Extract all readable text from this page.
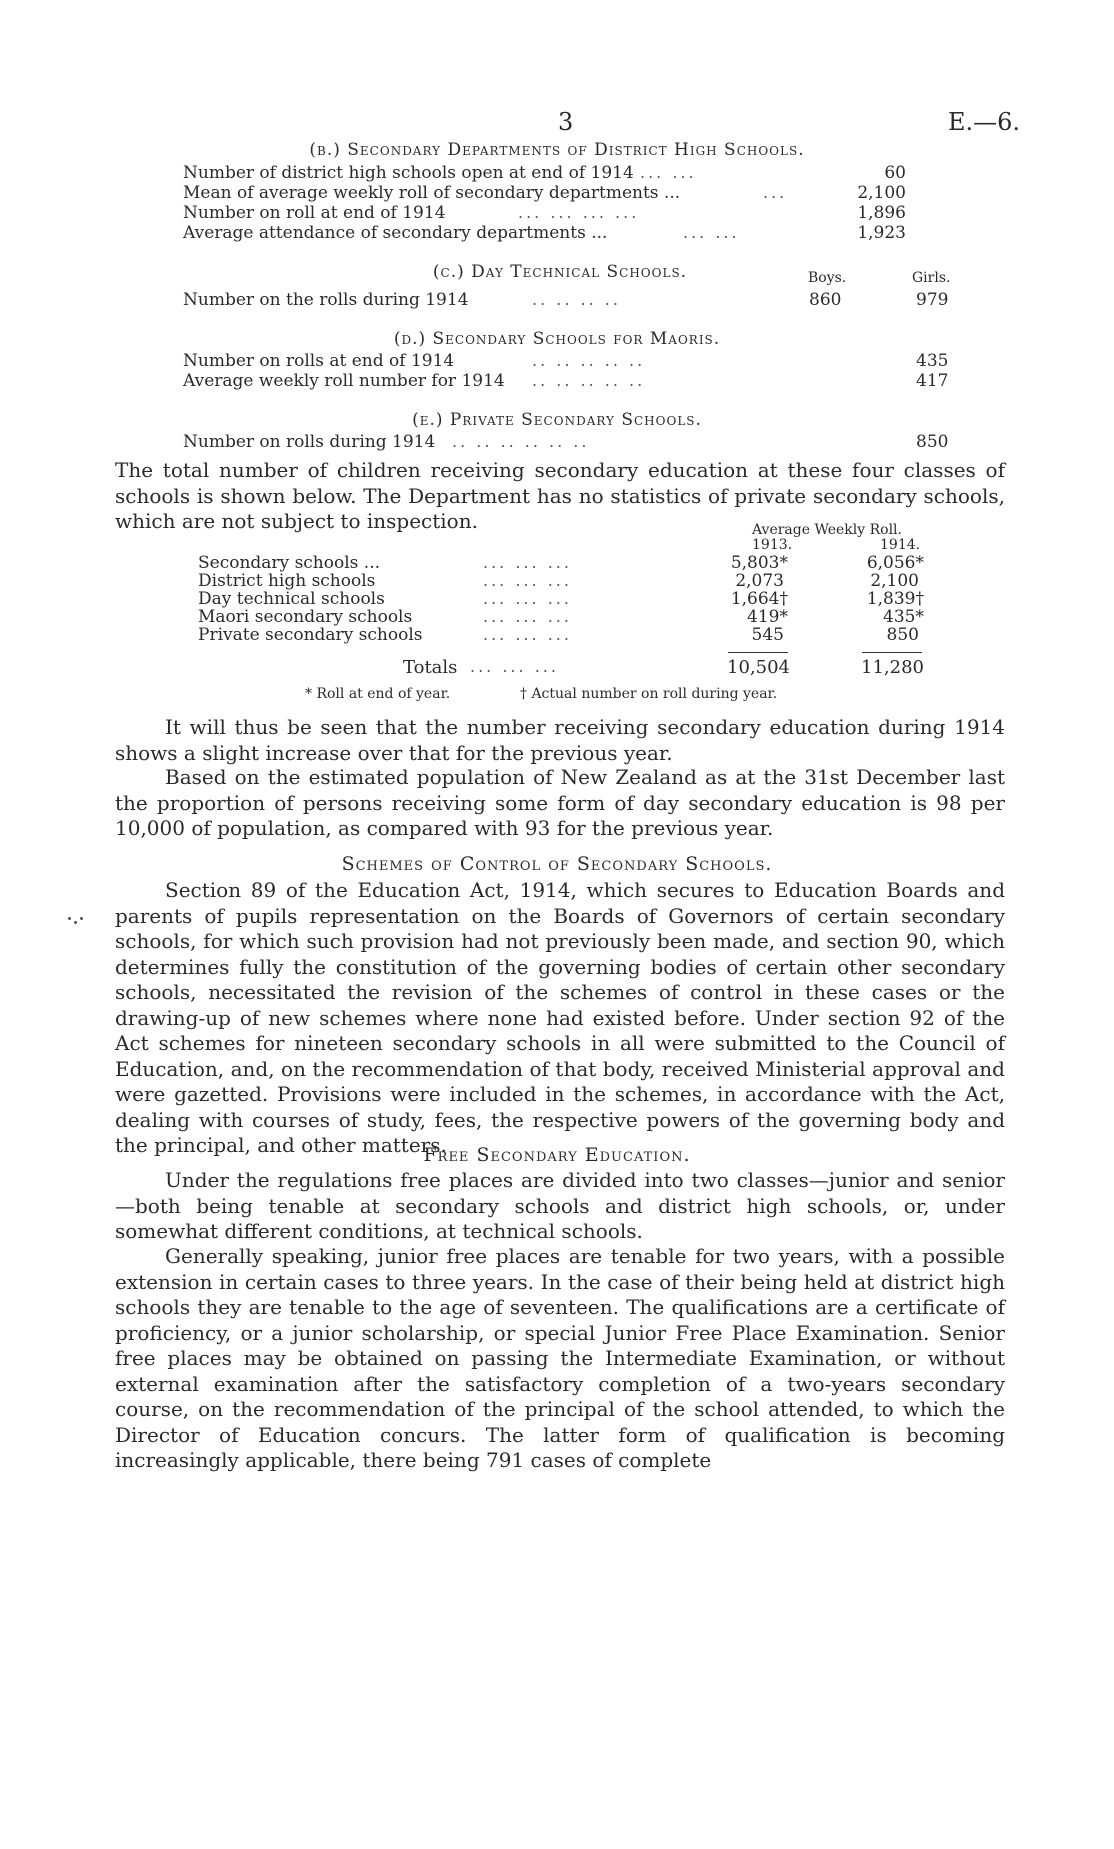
3	E.—6.
(b.) Secondary Departments of District High Schools.
Number of district high schools open at end of 1914 ... ...	60
Mean of average weekly roll of secondary departments ...	...	2,100
Number on roll at end of 1914	... ... ... ...	1,896
Average attendance of secondary departments ...	... ...	1,923
(c.) Day Technical Schools.	Boys.	Girls.
Number on the rolls during 1914	.. .. .. ..	860	979
(d.) Secondary Schools for Maoris.
Number on rolls at end of 1914	.. .. .. .. ..	435
Average weekly roll number for 1914 .. .. .. .. ..	417
(e.) Private Secondary Schools.
Number on rolls during 1914 .. .. .. .. .. ..	850

The total number of children receiving secondary education at these four classes of schools is shown below. The Department has no statistics of private secondary schools, which are not subject to inspection.	Average Weekly Roll.
1913.	1914.
Secondary schools ...	... ... ...	5,803*	6,056*
District high schools	... ... ...	2,073	2,100
Day technical schools	... ... ...	1,664†	1,839†
Maori secondary schools	... ... ...	419*	435*
Private secondary schools	... ... ...	545	850
Totals ... ... ...	10,504	11,280
* Roll at end of year.	† Actual number on roll during year.

It will thus be seen that the number receiving secondary education during 1914 shows a slight increase over that for the previous year.

Based on the estimated population of New Zealand as at the 31st December last the proportion of persons receiving some form of day secondary education is 98 per 10,000 of population, as compared with 93 for the previous year.

Schemes of Control of Secondary Schools.

Section 89 of the Education Act, 1914, which secures to Education Boards and parents of pupils representation on the Boards of Governors of certain secondary schools, for which such provision had not previously been made, and section 90, which determines fully the constitution of the governing bodies of certain other secondary schools, necessitated the revision of the schemes of control in these cases or the drawing-up of new schemes where none had existed before. Under section 92 of the Act schemes for nineteen secondary schools in all were submitted to the Council of Education, and, on the recommendation of that body, received Ministerial approval and were gazetted. Provisions were included in the schemes, in accordance with the Act, dealing with courses of study, fees, the respective powers of the governing body and the principal, and other matters.

Free Secondary Education.

Under the regulations free places are divided into two classes—junior and senior—both being tenable at secondary schools and district high schools, or, under somewhat different conditions, at technical schools.

Generally speaking, junior free places are tenable for two years, with a possible extension in certain cases to three years. In the case of their being held at district high schools they are tenable to the age of seventeen. The qualifications are a certificate of proficiency, or a junior scholarship, or special Junior Free Place Examination. Senior free places may be obtained on passing the Intermediate Examination, or without external examination after the satisfactory completion of a two-years secondary course, on the recommendation of the principal of the school attended, to which the Director of Education concurs. The latter form of qualification is becoming increasingly applicable, there being 791 cases of complete
